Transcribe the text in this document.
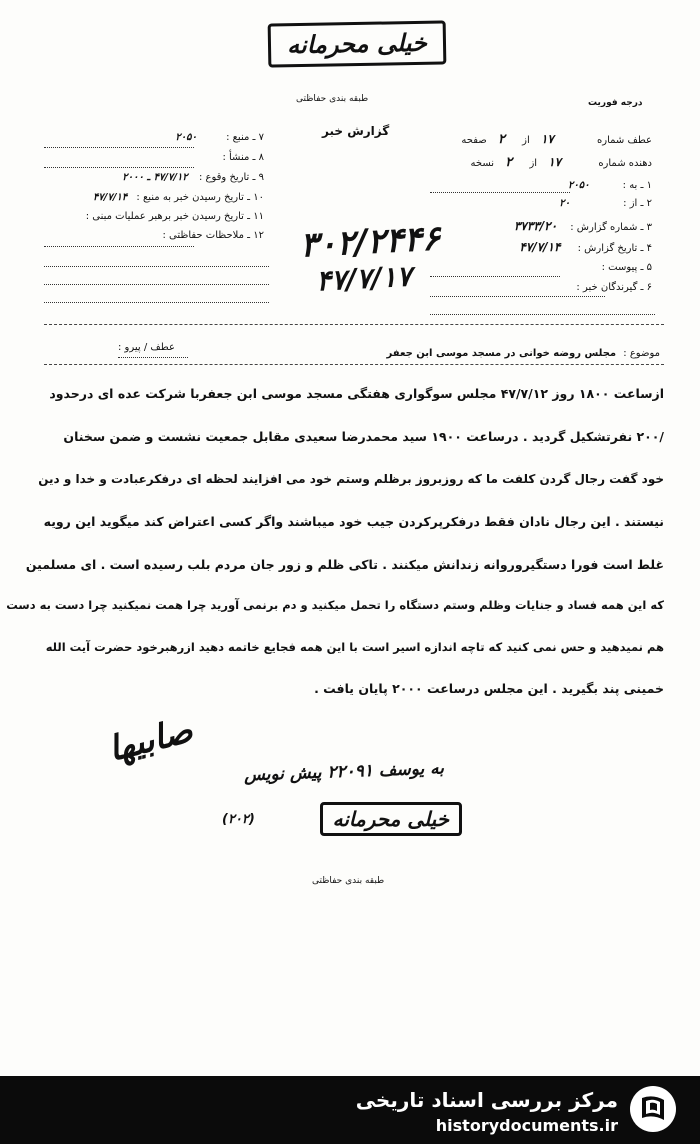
خیلی محرمانه
طبقه بندی حفاظتی	درجه فوریت
گزارش خبر
۷ ـ منبع : ۲۰۵۰
۸ ـ منشأ :
۹ ـ تاریخ وقوع : ۴۷/۷/۱۲ ـ ۲۰۰۰
۱۰ ـ تاریخ رسیدن خبر به منبع : ۴۷/۷/۱۴
۱۱ ـ تاریخ رسیدن خبر برهبر عملیات مبنی :
۱۲ ـ ملاحظات حفاظتی :
عطف شماره ۱۷ از ۲ صفحه
دهنده شماره ۱۷ از ۲ نسخه
۱ ـ به : ۲۰۵۰
۲ ـ از : ۲۰
۳ ـ شماره گزارش : ۳۷۳۳/۲۰
۴ ـ تاریخ گزارش : ۴۷/۷/۱۴
۵ ـ پیوست :
۶ ـ گیرندگان خبر :
۳۰۲/۲۴۴۶
۴۷/۷/۱۷
موضوع : مجلس روضه خوانی در مسجد موسی ابن جعفر
عطف / پیرو :
ازساعت ۱۸۰۰ روز ۴۷/۷/۱۲ مجلس سوگواری هفتگی مسجد موسی ابن جعفربا شرکت عده ای درحدود
/۲۰۰ نفرتشکیل گردید . درساعت ۱۹۰۰ سید محمدرضا سعیدی مقابل جمعیت نشست و ضمن سخنان
خود گفت رجال گردن کلفت ما که روزبروز برظلم وستم خود می افزایند لحظه ای درفکرعبادت و خدا و دین
نیستند . این رجال نادان فقط درفکرپرکردن جیب خود میباشند واگر کسی اعتراض کند میگوید این رویه
غلط است فورا دستگیروروانه زندانش میکنند . تاکی ظلم و زور جان مردم بلب رسیده است . ای مسلمین
که این همه فساد و جنایات وظلم وستم دستگاه را تحمل میکنید و دم برنمی آورید چرا همت نمیکنید چرا دست به دست
هم نمیدهید و حس نمی کنید که تاچه اندازه اسیر است با این همه فجایع خاتمه دهید ازرهبرخود حضرت آیت الله
خمینی پند بگیرید . این مجلس درساعت ۲۰۰۰ پایان یافت .
صابیها
به یوسف ۲۲۰۹۱ پیش نویس
خیلی محرمانه
(۲۰۲)
طبقه بندی حفاظتی
مرکز بررسی اسناد تاریخی
historydocuments.ir
